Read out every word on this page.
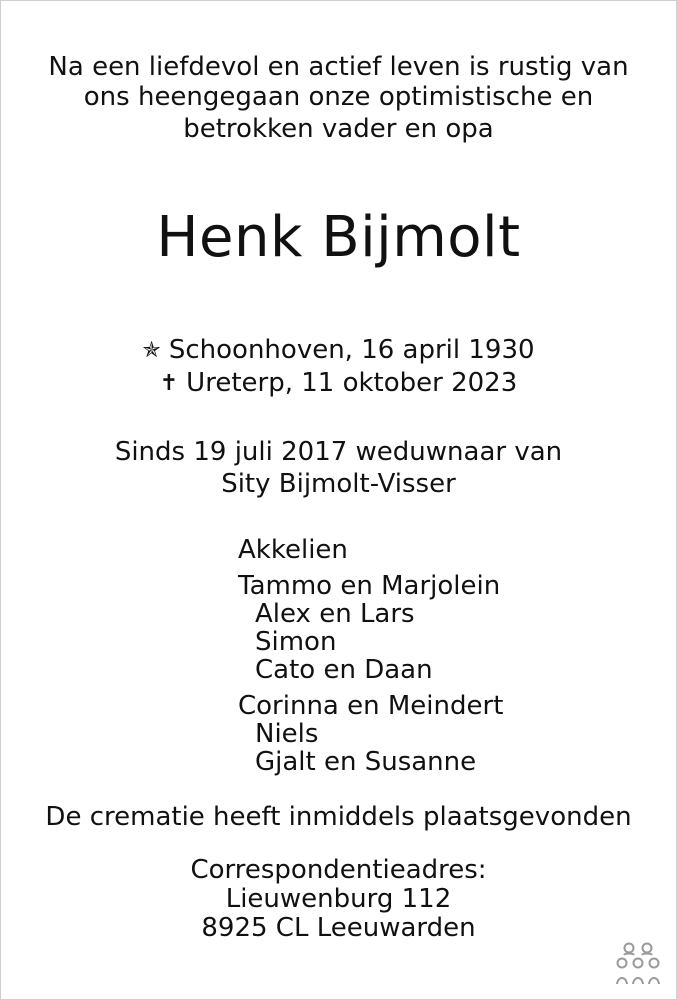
Na een liefdevol en actief leven is rustig van
ons heengegaan onze optimistische en
betrokken vader en opa
Henk Bijmolt
✯ Schoonhoven, 16 april 1930
✝ Ureterp, 11 oktober 2023
Sinds 19 juli 2017 weduwnaar van
Sity Bijmolt-Visser
Akkelien
Tammo en Marjolein
Alex en Lars
Simon
Cato en Daan
Corinna en Meindert
Niels
Gjalt en Susanne
De crematie heeft inmiddels plaatsgevonden
Correspondentieadres:
Lieuwenburg 112
8925 CL Leeuwarden
